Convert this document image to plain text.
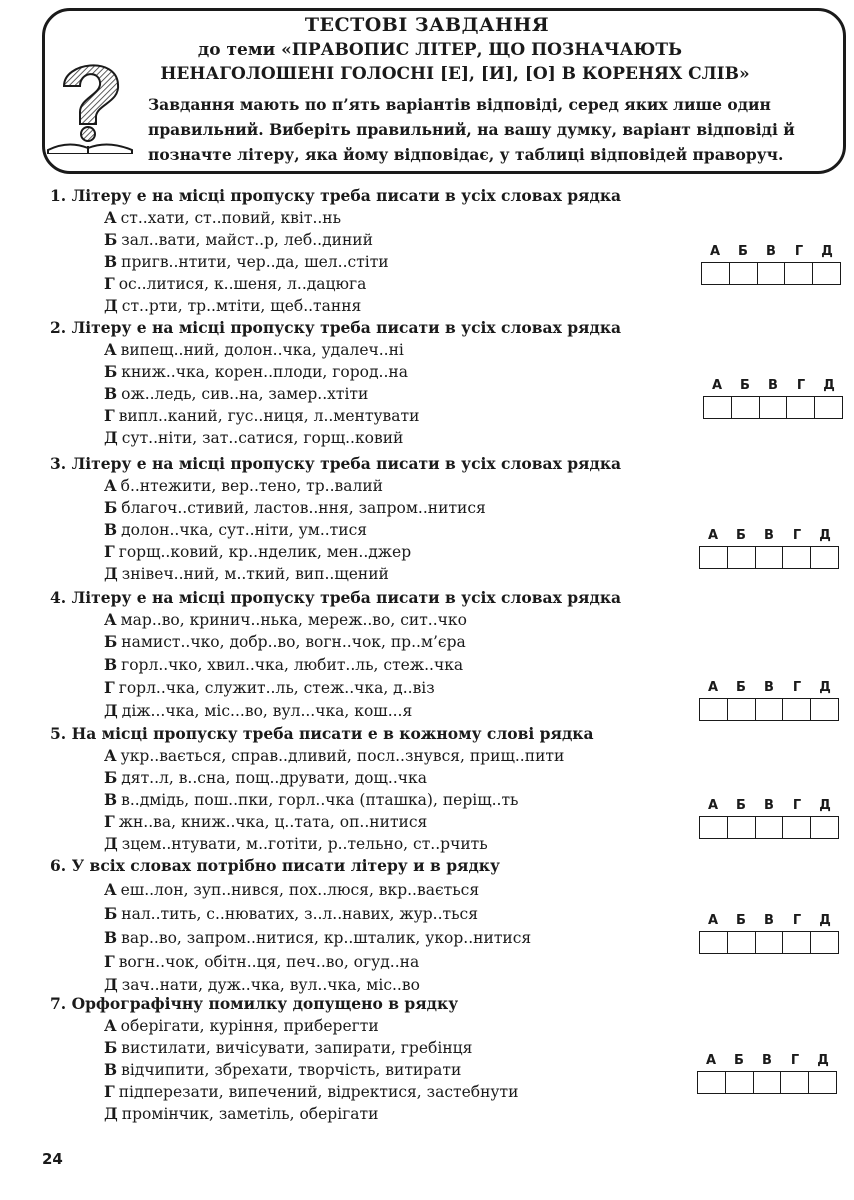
ТЕСТОВІ ЗАВДАННЯ
до теми «ПРАВОПИС ЛІТЕР, ЩО ПОЗНАЧАЮТЬ
НЕНАГОЛОШЕНІ ГОЛОСНІ [Е], [И], [О] В КОРЕНЯХ СЛІВ»
Завдання мають по п’ять варіантів відповіді, серед яких лише один правильний. Виберіть правильний, на вашу думку, варіант відповіді й позначте літеру, яка йому відповідає, у таблиці відповідей праворуч.
1. Літеру е на місці пропуску треба писати в усіх словах рядка
А ст..хати, ст..повий, квіт..нь
Б зал..вати, майст..р, леб..диний
В пригв..нтити, чер..да, шел..стіти
Г ос..литися, к..шеня, л..дацюга
Д ст..рти, тр..мтіти, щеб..тання
2. Літеру е на місці пропуску треба писати в усіх словах рядка
А випещ..ний, долон..чка, удалеч..ні
Б книж..чка, корен..плоди, город..на
В ож..ледь, сив..на, замер..хтіти
Г випл..каний, гус..ниця, л..ментувати
Д сут..ніти, зат..сатися, горщ..ковий
3. Літеру е на місці пропуску треба писати в усіх словах рядка
А б..нтежити, вер..тено, тр..валий
Б благоч..стивий, ластов..ння, запром..нитися
В долон..чка, сут..ніти, ум..тися
Г горщ..ковий, кр..нделик, мен..джер
Д знівеч..ний, м..ткий, вип..щений
4. Літеру е на місці пропуску треба писати в усіх словах рядка
А мар..во, кринич..нька, мереж..во, сит..чко
Б намист..чко, добр..во, вогн..чок, пр..м’єра
В горл..чко, хвил..чка, любит..ль, стеж..чка
Г горл..чка, служит..ль, стеж..чка, д..віз
Д діж...чка, міс...во, вул...чка, кош...я
5. На місці пропуску треба писати е в кожному слові рядка
А укр..вається, справ..дливий, посл..знувся, прищ..пити
Б дят..л, в..сна, пощ..друвати, дощ..чка
В в..дмідь, пош..пки, горл..чка (пташка), періщ..ть
Г жн..ва, книж..чка, ц..тата, оп..нитися
Д зцем..нтувати, м..готіти, р..тельно, ст..рчить
6. У всіх словах потрібно писати літеру и в рядку
А еш..лон, зуп..нився, пох..люся, вкр..вається
Б нал..тить, с..нюватих, з..л..навих, жур..ться
В вар..во, запром..нитися, кр..шталик, укор..нитися
Г вогн..чок, обітн..ця, печ..во, огуд..на
Д зач..нати, дуж..чка, вул..чка, міс..во
7. Орфографічну помилку допущено в рядку
А оберігати, куріння, приберегти
Б вистилати, вичісувати, запирати, гребінця
В відчипити, збрехати, творчість, витирати
Г підперезати, випечений, відректися, застебнути
Д промінчик, заметіль, оберігати
А	Б	В	Г	Д
А	Б	В	Г	Д
А	Б	В	Г	Д
А	Б	В	Г	Д
А	Б	В	Г	Д
А	Б	В	Г	Д
А	Б	В	Г	Д
24
